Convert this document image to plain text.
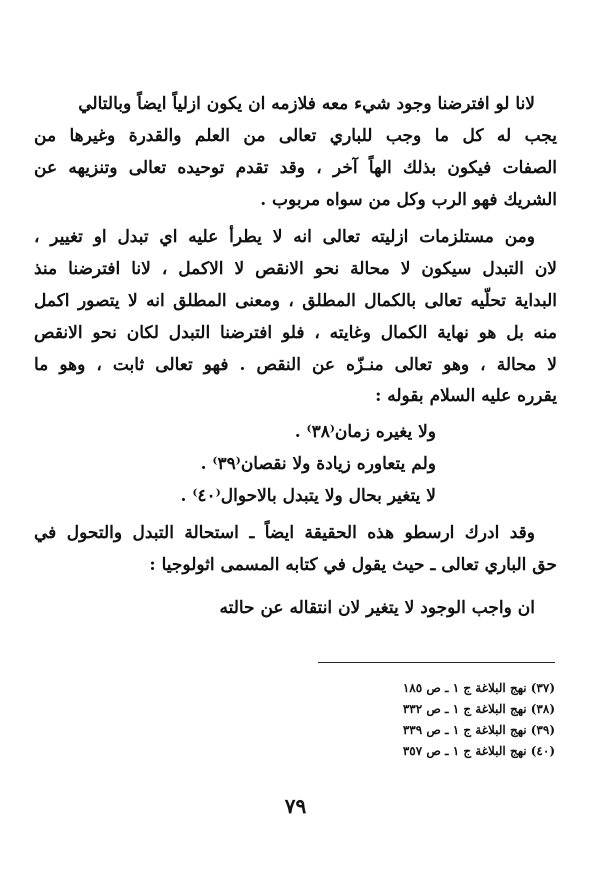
لانا لو افترضنا وجود شيء معه فلازمه ان يكون ازلياً ايضاً وبالتالي
يجب له كل ما وجب للباري تعالى من العلم والقدرة وغيرها من
الصفات فيكون بذلك الهاً آخر ، وقد تقدم توحيده تعالى وتنزيهه عن
الشريك فهو الرب وكل من سواه مربوب .
ومن مستلزمات ازليته تعالى انه لا يطرأ عليه اي تبدل او تغيير ،
لان التبدل سيكون لا محالة نحو الانقص لا الاكمل ، لانا افترضنا منذ
البداية تحلّيه تعالى بالكمال المطلق ، ومعنى المطلق انه لا يتصور اكمل
منه بل هو نهاية الكمال وغايته ، فلو افترضنا التبدل لكان نحو الانقص
لا محالة ، وهو تعالى منـزّه عن النقص . فهو تعالى ثابت ، وهو ما
يقرره عليه السلام بقوله :
ولا يغيره زمان⁽٣٨⁾ .
ولم يتعاوره زيادة ولا نقصان⁽٣٩⁾ .
لا يتغير بحال ولا يتبدل بالاحوال⁽٤٠⁾ .
وقد ادرك ارسطو هذه الحقيقة ايضاً ـ استحالة التبدل والتحول في
حق الباري تعالى ـ حيث يقول في كتابه المسمى اثولوجيا :
ان واجب الوجود لا يتغير لان انتقاله عن حالته
(٣٧) نهج البلاغة ج ١ ـ ص ١٨٥
(٣٨) نهج البلاغة ج ١ ـ ص ٣٣٢
(٣٩) نهج البلاغة ج ١ ـ ص ٣٣٩
(٤٠) نهج البلاغة ج ١ ـ ص ٣٥٧
٧٩
